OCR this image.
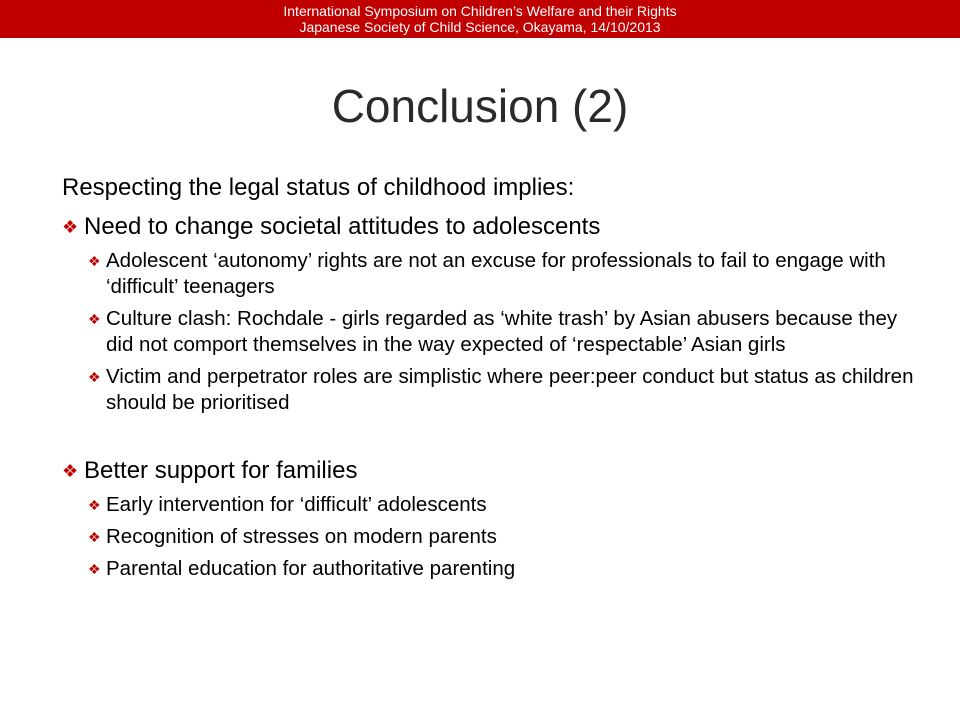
International Symposium on Children’s Welfare and their Rights
Japanese Society of Child Science, Okayama, 14/10/2013
Conclusion (2)
Respecting the legal status of childhood implies:
❖ Need to change societal attitudes to adolescents
❖ Adolescent ‘autonomy’ rights are not an excuse for professionals to fail to engage with ‘difficult’ teenagers
❖ Culture clash: Rochdale - girls regarded as ‘white trash’ by Asian abusers because they did not comport themselves in the way expected of ‘respectable’ Asian girls
❖ Victim and perpetrator roles are simplistic where peer:peer conduct but status as children should be prioritised
❖ Better support for families
❖ Early intervention for ‘difficult’ adolescents
❖ Recognition of stresses on modern parents
❖ Parental education for authoritative parenting
